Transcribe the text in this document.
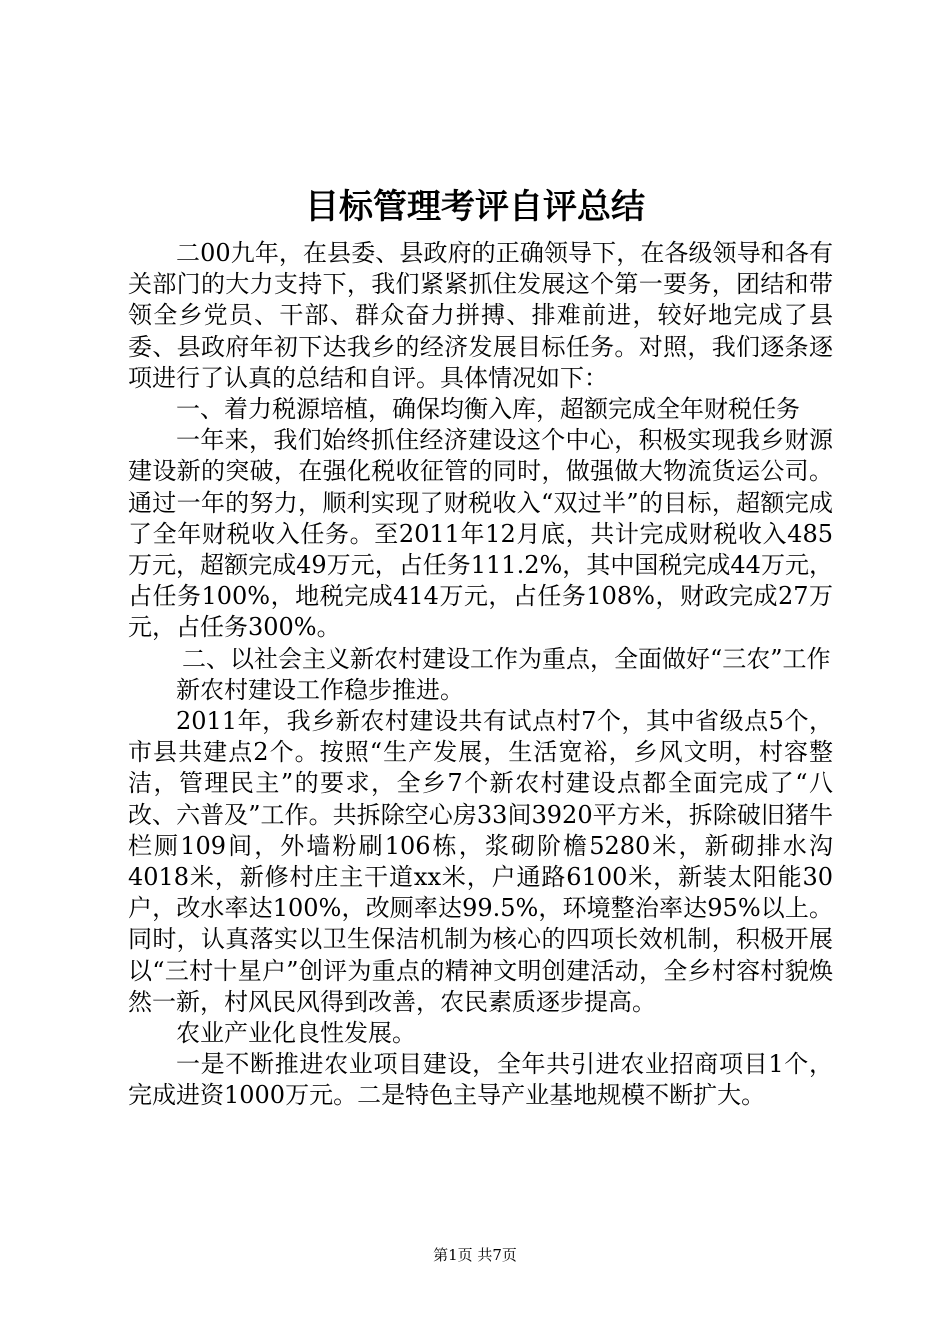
目标管理考评自评总结

二00九年，在县委、县政府的正确领导下，在各级领导和各有关部门的大力支持下，我们紧紧抓住发展这个第一要务，团结和带领全乡党员、干部、群众奋力拼搏、排难前进，较好地完成了县委、县政府年初下达我乡的经济发展目标任务。对照，我们逐条逐项进行了认真的总结和自评。具体情况如下：

一、着力税源培植，确保均衡入库，超额完成全年财税任务

一年来，我们始终抓住经济建设这个中心，积极实现我乡财源建设新的突破，在强化税收征管的同时，做强做大物流货运公司。通过一年的努力，顺利实现了财税收入“双过半”的目标，超额完成了全年财税收入任务。至2011年12月底，共计完成财税收入485万元，超额完成49万元，占任务111.2%，其中国税完成44万元，占任务100%，地税完成414万元，占任务108%，财政完成27万元，占任务300%。

二、以社会主义新农村建设工作为重点，全面做好“三农”工作

新农村建设工作稳步推进。

2011年，我乡新农村建设共有试点村7个，其中省级点5个，市县共建点2个。按照“生产发展，生活宽裕，乡风文明，村容整洁，管理民主”的要求，全乡7个新农村建设点都全面完成了“八改、六普及”工作。共拆除空心房33间3920平方米，拆除破旧猪牛栏厕109间，外墙粉刷106栋，浆砌阶檐5280米，新砌排水沟4018米，新修村庄主干道xx米，户通路6100米，新装太阳能30户，改水率达100%，改厕率达99.5%，环境整治率达95%以上。同时，认真落实以卫生保洁机制为核心的四项长效机制，积极开展以“三村十星户”创评为重点的精神文明创建活动，全乡村容村貌焕然一新，村风民风得到改善，农民素质逐步提高。

农业产业化良性发展。

一是不断推进农业项目建设，全年共引进农业招商项目1个，完成进资1000万元。二是特色主导产业基地规模不断扩大。

第1页 共7页
